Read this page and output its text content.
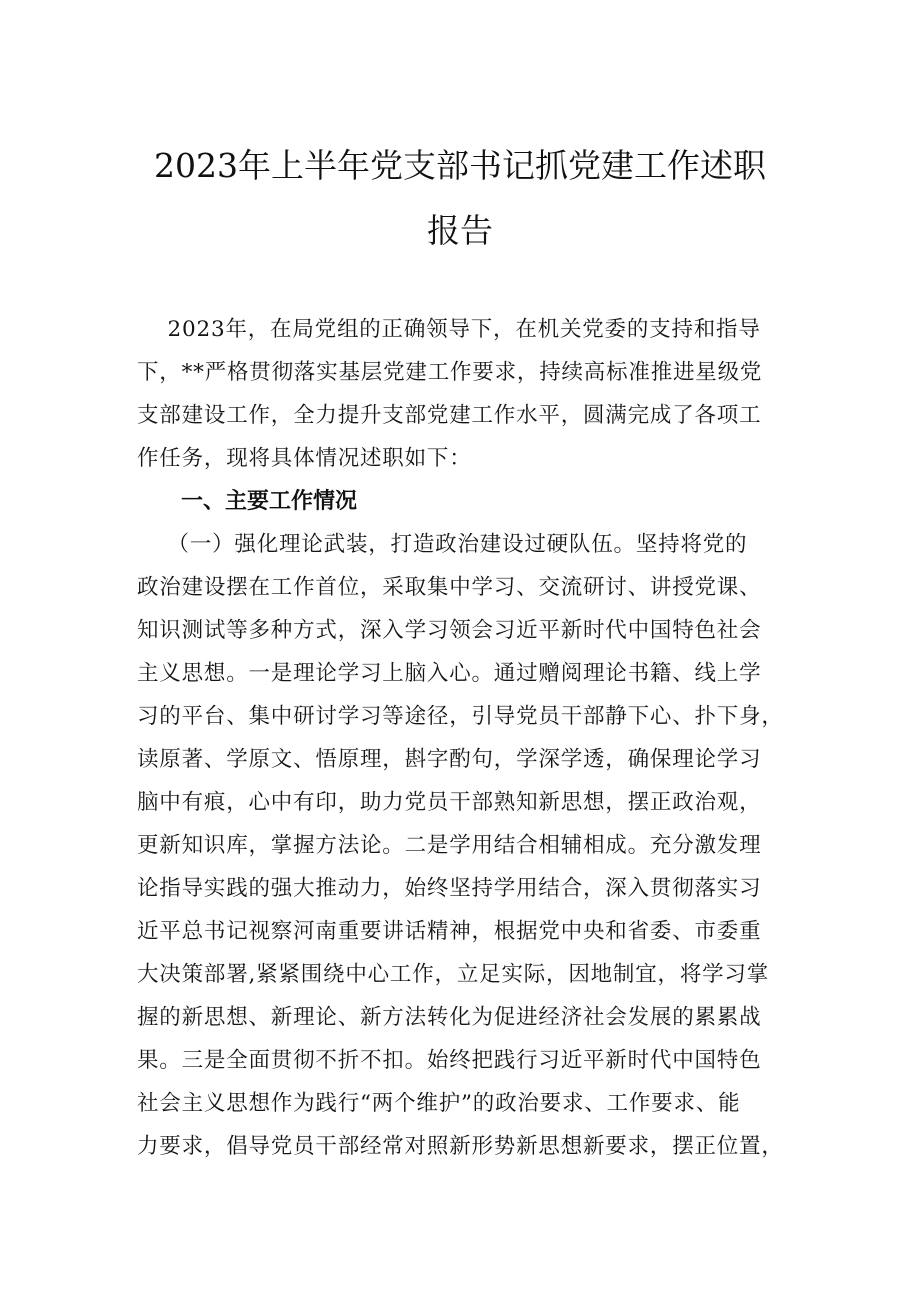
2023年上半年党支部书记抓党建工作述职
报告

2023年，在局党组的正确领导下，在机关党委的支持和指导

下，**严格贯彻落实基层党建工作要求，持续高标准推进星级党

支部建设工作，全力提升支部党建工作水平，圆满完成了各项工

作任务，现将具体情况述职如下：

一、主要工作情况

（一）强化理论武装，打造政治建设过硬队伍。坚持将党的

政治建设摆在工作首位，采取集中学习、交流研讨、讲授党课、

知识测试等多种方式，深入学习领会习近平新时代中国特色社会

主义思想。一是理论学习上脑入心。通过赠阅理论书籍、线上学

习的平台、集中研讨学习等途径，引导党员干部静下心、扑下身，

读原著、学原文、悟原理，斟字酌句，学深学透，确保理论学习

脑中有痕，心中有印，助力党员干部熟知新思想，摆正政治观，

更新知识库，掌握方法论。二是学用结合相辅相成。充分激发理

论指导实践的强大推动力，始终坚持学用结合，深入贯彻落实习

近平总书记视察河南重要讲话精神，根据党中央和省委、市委重

大决策部署,紧紧围绕中心工作，立足实际，因地制宜，将学习掌

握的新思想、新理论、新方法转化为促进经济社会发展的累累战

果。三是全面贯彻不折不扣。始终把践行习近平新时代中国特色

社会主义思想作为践行“两个维护”的政治要求、工作要求、能

力要求，倡导党员干部经常对照新形势新思想新要求，摆正位置，
